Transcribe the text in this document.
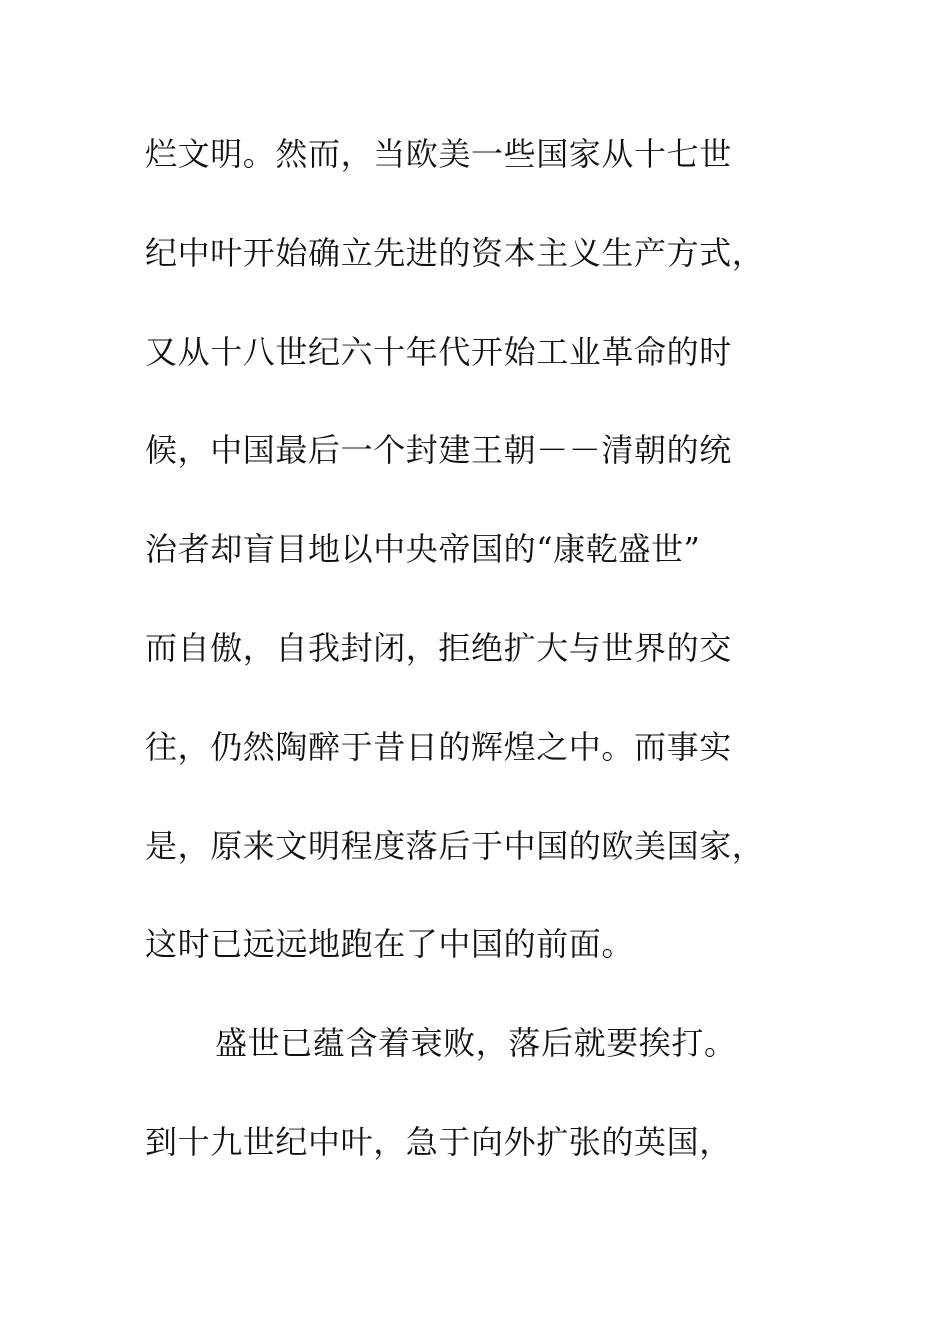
烂文明。然而，当欧美一些国家从十七世
纪中叶开始确立先进的资本主义生产方式，
又从十八世纪六十年代开始工业革命的时
候，中国最后一个封建王朝－－清朝的统
治者却盲目地以中央帝国的“康乾盛世”
而自傲，自我封闭，拒绝扩大与世界的交
往，仍然陶醉于昔日的辉煌之中。而事实
是，原来文明程度落后于中国的欧美国家，
这时已远远地跑在了中国的前面。
盛世已蕴含着衰败，落后就要挨打。
到十九世纪中叶，急于向外扩张的英国，
